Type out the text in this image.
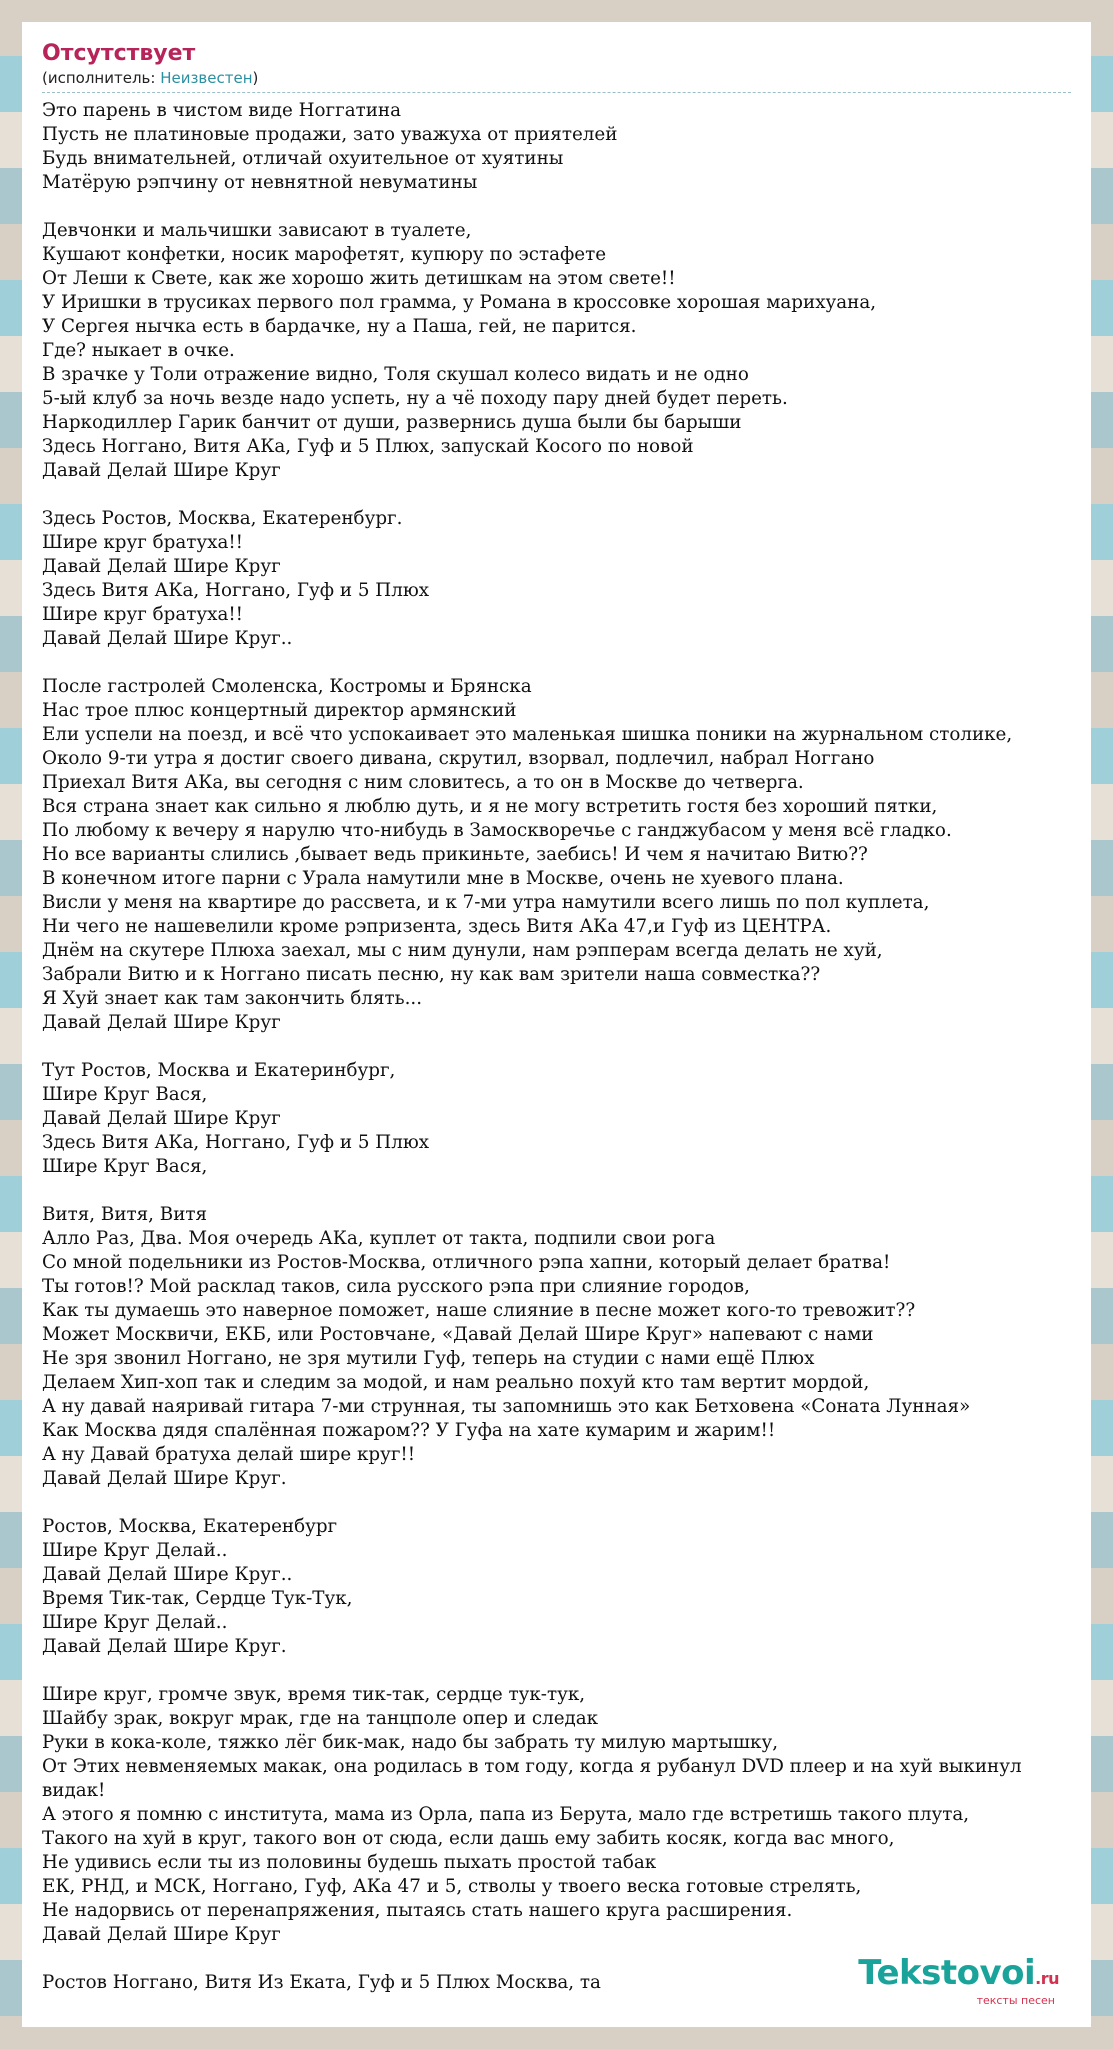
Отсутствует
(исполнитель: Неизвестен)
Это парень в чистом виде Ноггатина
Пусть не платиновые продажи, зато уважуха от приятелей
Будь внимательней, отличай охуительное от хуятины
Матёрую рэпчину от невнятной невуматины

Девчонки и мальчишки зависают в туалете,
Кушают конфетки, носик марофетят, купюру по эстафете
От Леши к Свете, как же хорошо жить детишкам на этом свете!!
У Иришки в трусиках первого пол грамма, у Романа в кроссовке хорошая марихуана,
У Сергея нычка есть в бардачке, ну а Паша, гей, не парится.
Где? ныкает в очке.
В зрачке у Толи отражение видно, Толя скушал колесо видать и не одно
5-ый клуб за ночь везде надо успеть, ну а чё походу пару дней будет переть.
Наркодиллер Гарик банчит от души, развернись душа были бы барыши
Здесь Ноггано, Витя АКа, Гуф и 5 Плюх, запускай Косого по новой
Давай Делай Шире Круг

Здесь Ростов, Москва, Екатеренбург.
Шире круг братуха!!
Давай Делай Шире Круг
Здесь Витя АКа, Ноггано, Гуф и 5 Плюх
Шире круг братуха!!
Давай Делай Шире Круг..

После гастролей Смоленска, Костромы и Брянска
Нас трое плюс концертный директор армянский
Ели успели на поезд, и всё что успокаивает это маленькая шишка поники на журнальном столике,
Около 9-ти утра я достиг своего дивана, скрутил, взорвал, подлечил, набрал Ноггано
Приехал Витя АКа, вы сегодня с ним словитесь, а то он в Москве до четверга.
Вся страна знает как сильно я люблю дуть, и я не могу встретить гостя без хороший пятки,
По любому к вечеру я нарулю что-нибудь в Замоскворечье с ганджубасом у меня всё гладко.
Но все варианты слились ,бывает ведь прикиньте, заебись! И чем я начитаю Витю??
В конечном итоге парни с Урала намутили мне в Москве, очень не хуевого плана.
Висли у меня на квартире до рассвета, и к 7-ми утра намутили всего лишь по пол куплета,
Ни чего не нашевелили кроме рэпризента, здесь Витя АКа 47,и Гуф из ЦЕНТРА.
Днём на скутере Плюха заехал, мы с ним дунули, нам рэпперам всегда делать не хуй,
Забрали Витю и к Ноггано писать песню, ну как вам зрители наша совместка??
Я Хуй знает как там закончить блять...
Давай Делай Шире Круг

Тут Ростов, Москва и Екатеринбург,
Шире Круг Вася,
Давай Делай Шире Круг
Здесь Витя АКа, Ноггано, Гуф и 5 Плюх
Шире Круг Вася,

Витя, Витя, Витя
Алло Раз, Два. Моя очередь АКа, куплет от такта, подпили свои рога
Со мной подельники из Ростов-Москва, отличного рэпа хапни, который делает братва!
Ты готов!? Мой расклад таков, сила русского рэпа при слияние городов,
Как ты думаешь это наверное поможет, наше слияние в песне может кого-то тревожит??
Может Москвичи, ЕКБ, или Ростовчане, «Давай Делай Шире Круг» напевают с нами
Не зря звонил Ноггано, не зря мутили Гуф, теперь на студии с нами ещё Плюх
Делаем Хип-хоп так и следим за модой, и нам реально похуй кто там вертит мордой,
А ну давай наяривай гитара 7-ми струнная, ты запомнишь это как Бетховена «Соната Лунная»
Как Москва дядя спалённая пожаром?? У Гуфа на хате кумарим и жарим!!
А ну Давай братуха делай шире круг!!
Давай Делай Шире Круг.

Ростов, Москва, Екатеренбург
Шире Круг Делай..
Давай Делай Шире Круг..
Время Тик-так, Сердце Тук-Тук,
Шире Круг Делай..
Давай Делай Шире Круг.

Шире круг, громче звук, время тик-так, сердце тук-тук,
Шайбу зрак, вокруг мрак, где на танцполе опер и следак
Руки в кока-коле, тяжко лёг бик-мак, надо бы забрать ту милую мартышку,
От Этих невменяемых макак, она родилась в том году, когда я рубанул DVD плеер и на хуй выкинул
видак!
А этого я помню с института, мама из Орла, папа из Берута, мало где встретишь такого плута,
Такого на хуй в круг, такого вон от сюда, если дашь ему забить косяк, когда вас много,
Не удивись если ты из половины будешь пыхать простой табак
ЕК, РНД, и МСК, Ноггано, Гуф, АКа 47 и 5, стволы у твоего веска готовые стрелять,
Не надорвись от перенапряжения, пытаясь стать нашего круга расширения.
Давай Делай Шире Круг

Ростов Ноггано, Витя Из Еката, Гуф и 5 Плюх Москва, та	Tekstovoi.ru
тексты песен
